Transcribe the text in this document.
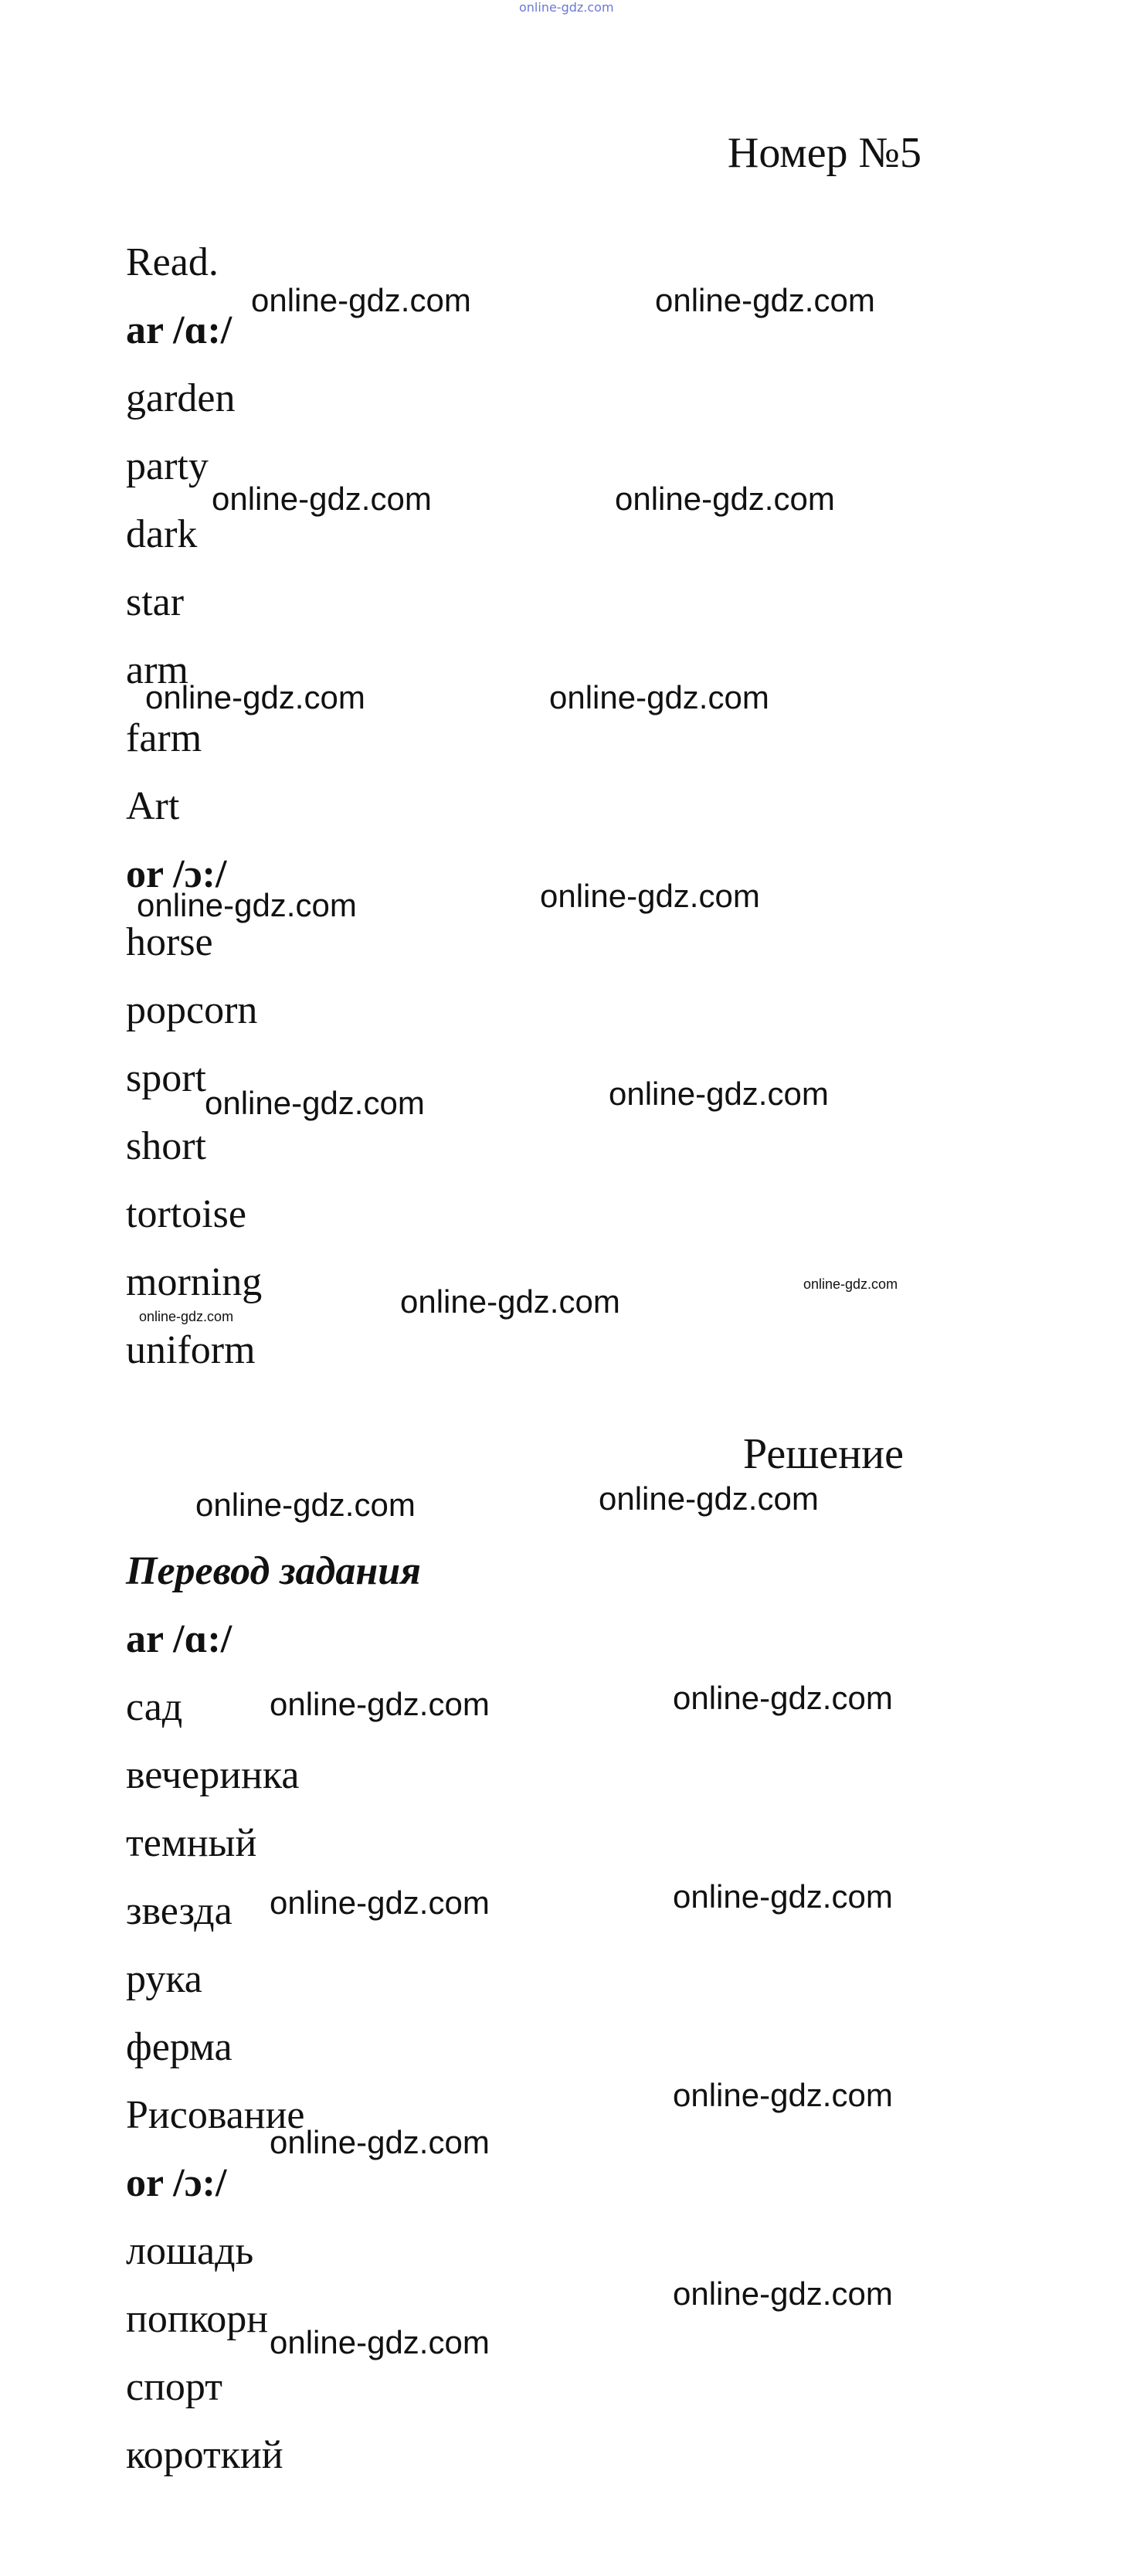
online-gdz.com
Номер №5
Read.
ar /ɑ:/
garden
party
dark
star
arm
farm
Art
or /ɔ:/
horse
popcorn
sport
short
tortoise
morning
uniform
Решение
Перевод задания
ar /ɑ:/
сад
вечеринка
темный
звезда
рука
ферма
Рисование
or /ɔ:/
лошадь
попкорн
спорт
короткий
online-gdz.com	online-gdz.com
online-gdz.com	online-gdz.com
online-gdz.com	online-gdz.com
online-gdz.com	online-gdz.com
online-gdz.com	online-gdz.com
online-gdz.com
online-gdz.com
online-gdz.com
online-gdz.com	online-gdz.com
online-gdz.com	online-gdz.com
online-gdz.com	online-gdz.com
online-gdz.com
online-gdz.com
online-gdz.com
online-gdz.com
